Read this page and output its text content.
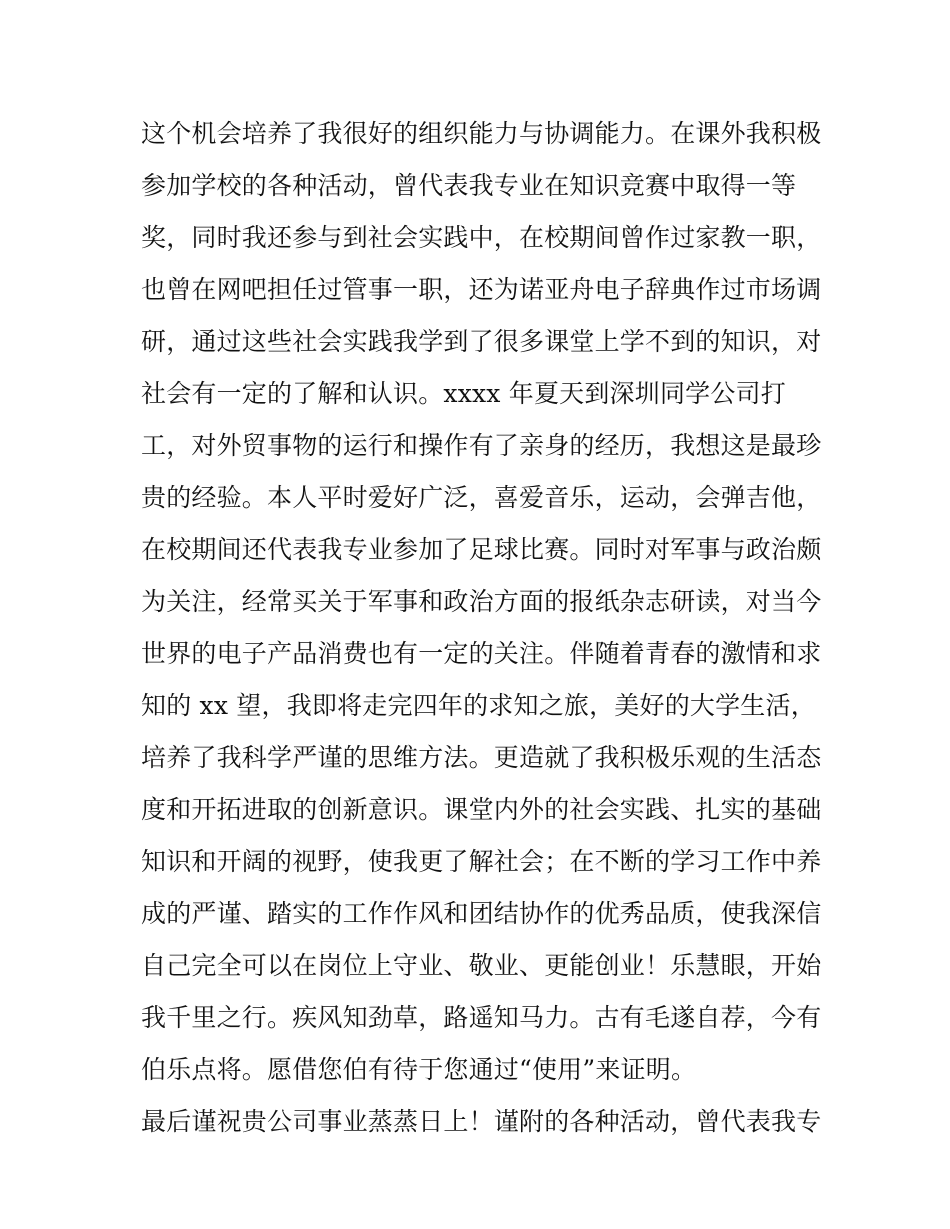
这个机会培养了我很好的组织能力与协调能力。在课外我积极
参加学校的各种活动，曾代表我专业在知识竞赛中取得一等
奖，同时我还参与到社会实践中，在校期间曾作过家教一职，
也曾在网吧担任过管事一职，还为诺亚舟电子辞典作过市场调
研，通过这些社会实践我学到了很多课堂上学不到的知识，对
社会有一定的了解和认识。xxxx 年夏天到深圳同学公司打
工，对外贸事物的运行和操作有了亲身的经历，我想这是最珍
贵的经验。本人平时爱好广泛，喜爱音乐，运动，会弹吉他，
在校期间还代表我专业参加了足球比赛。同时对军事与政治颇
为关注，经常买关于军事和政治方面的报纸杂志研读，对当今
世界的电子产品消费也有一定的关注。伴随着青春的激情和求
知的 xx 望，我即将走完四年的求知之旅，美好的大学生活，
培养了我科学严谨的思维方法。更造就了我积极乐观的生活态
度和开拓进取的创新意识。课堂内外的社会实践、扎实的基础
知识和开阔的视野，使我更了解社会；在不断的学习工作中养
成的严谨、踏实的工作作风和团结协作的优秀品质，使我深信
自己完全可以在岗位上守业、敬业、更能创业！乐慧眼，开始
我千里之行。疾风知劲草，路遥知马力。古有毛遂自荐，今有
伯乐点将。愿借您伯有待于您通过“使用”来证明。
最后谨祝贵公司事业蒸蒸日上！谨附的各种活动，曾代表我专
